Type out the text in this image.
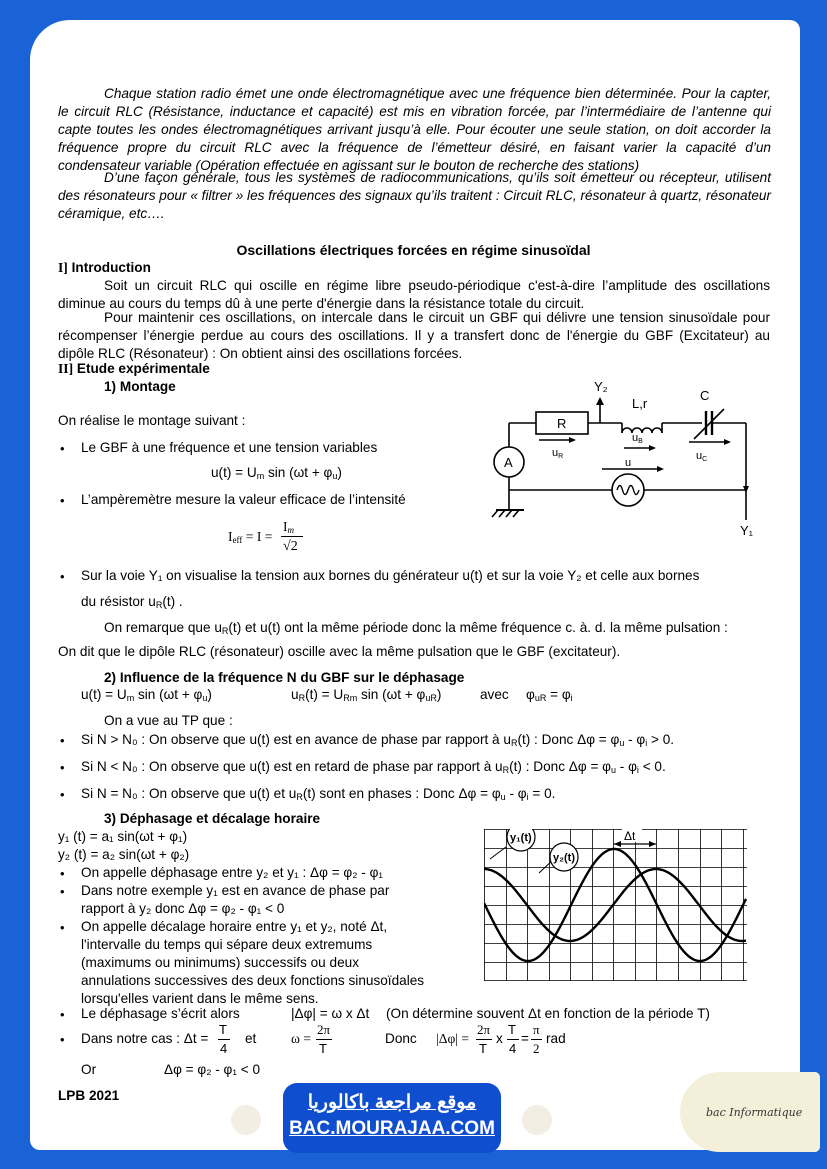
Chaque station radio émet une onde électromagnétique avec une fréquence bien déterminée. Pour la capter, le circuit RLC (Résistance, inductance et capacité) est mis en vibration forcée, par l’intermédiaire de l’antenne qui capte toutes les ondes électromagnétiques arrivant jusqu’à elle. Pour écouter une seule station, on doit accorder la fréquence propre du circuit RLC avec la fréquence de l’émetteur désiré, en faisant varier la capacité d’un condensateur variable (Opération effectuée en agissant sur le bouton de recherche des stations)
D’une façon générale, tous les systèmes de radiocommunications, qu’ils soit émetteur ou récepteur, utilisent des résonateurs pour « filtrer » les fréquences des signaux qu’ils traitent : Circuit RLC, résonateur à quartz, résonateur céramique, etc….
Oscillations électriques forcées en régime sinusoïdal
I] Introduction
Soit un circuit RLC qui oscille en régime libre pseudo-périodique c'est-à-dire l’amplitude des oscillations diminue au cours du temps dû à une perte d'énergie dans la résistance totale du circuit.
Pour maintenir ces oscillations, on intercale dans le circuit un GBF qui délivre une tension sinusoïdale pour récompenser l’énergie perdue au cours des oscillations. Il y a transfert donc de l'énergie du GBF (Excitateur) au dipôle RLC (Résonateur) : On obtient ainsi des oscillations forcées.
II] Etude expérimentale
1) Montage
On réalise le montage suivant :
• Le GBF à une fréquence et une tension variables
$u(t) = U_m$ $\sin (\omega t + \varphi_u)$
• L’ampèremètre mesure la valeur efficace de l’intensité
$I_{eff} = I$ =
$I_m$
√2
• Sur la voie Y₁ on visualise la tension aux bornes du générateur u(t) et sur la voie Y₂ et celle aux bornes
du résistor $u_R(t)$ .
On remarque que $u_R(t)$ et u(t) ont la même période donc la même fréquence c. à. d. la même pulsation :
On dit que le dipôle RLC (résonateur) oscille avec la même pulsation que le GBF (excitateur).
Y₂
L,r
C
R
uB
uR	uC
u
A
Y₁
2) Influence de la fréquence N du GBF sur le déphasage
$u(t) = U_m$ $\sin (\omega t + \varphi_u)$	$u_R(t) = U_{Rm}$ $\sin (\omega t + \varphi_{uR})$	avec $\varphi_{uR} = \varphi_i$
On a vue au TP que :
• Si N > N₀ : On observe que u(t) est en avance de phase par rapport à $u_R(t)$ : Donc $\Delta\varphi = \varphi_u - \varphi_i > 0$.
• Si N < N₀ : On observe que u(t) est en retard de phase par rapport à $u_R(t)$ : Donc $\Delta\varphi = \varphi_u - \varphi_i < 0$.
• Si N = N₀ : On observe que u(t) et $u_R(t)$ sont en phases : Donc $\Delta\varphi = \varphi_u - \varphi_i = 0$.
3) Déphasage et décalage horaire
y₁ (t) = a₁ sin(ωt + φ₁)
y₂ (t) = a₂ sin(ωt + φ₂)
• On appelle déphasage entre y₂ et y₁ : Δφ = φ₂ - φ₁
• Dans notre exemple y₁ est en avance de phase par
rapport à y₂ donc Δφ = φ₂ - φ₁ < 0
• On appelle décalage horaire entre y₁ et y₂, noté Δt,
l'intervalle du temps qui sépare deux extremums
(maximums ou minimums) successifs ou deux
annulations successives des deux fonctions sinusoïdales
lorsqu'elles varient dans le même sens.
• Le déphasage s’écrit alors	|Δφ| = ω x Δt (On détermine souvent Δt en fonction de la période T)
• Dans notre cas : Δt =
T
4
et	ω =
2π
T
Donc |Δφ| =
2π
T
x
T
4
=
π
2
rad
Or	Δφ = φ₂ - φ₁ < 0
Δt
y₁(t)
y₂(t)
LPB 2021	موقع مراجعة باكالوريا
BAC.MOURAJAA.COM
bac Informatique
